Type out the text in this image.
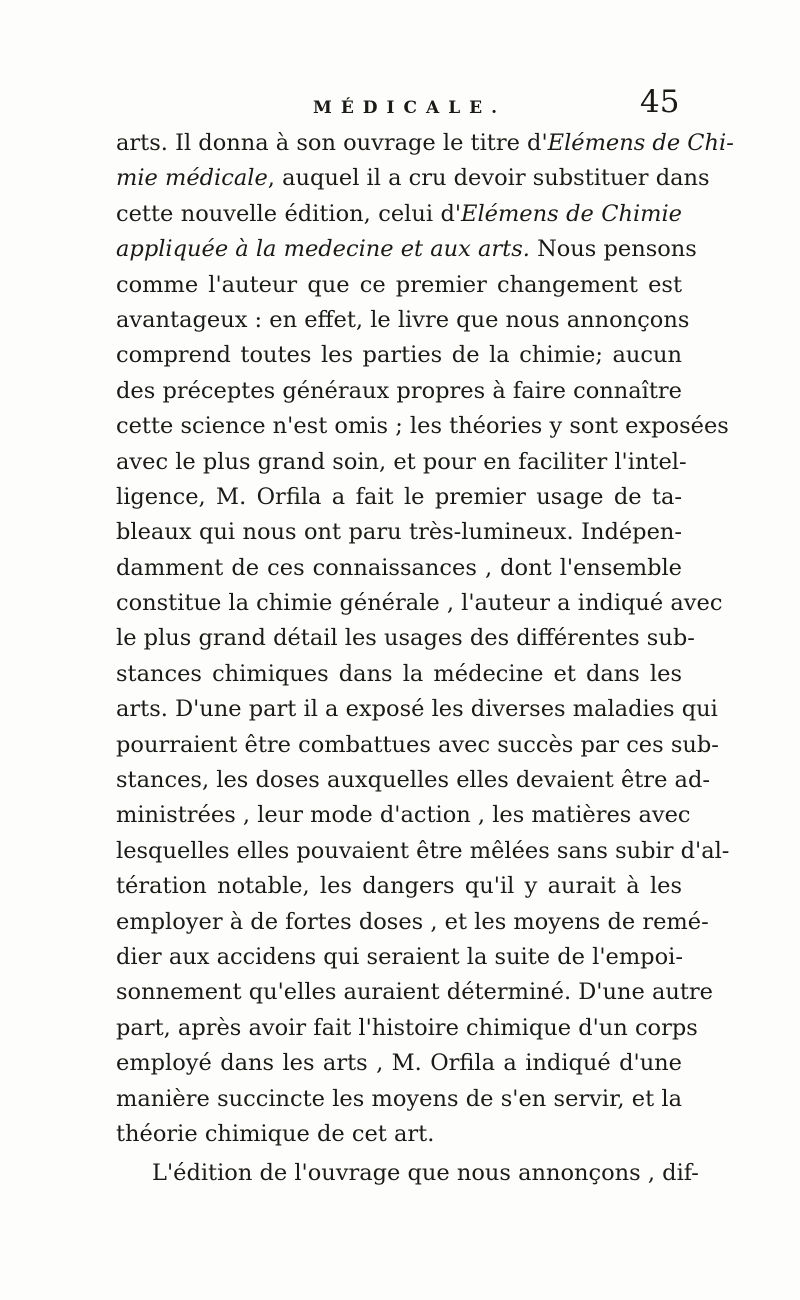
MÉDICALE.	45
arts. Il donna à son ouvrage le titre d'Elémens de Chi-
mie médicale, auquel il a cru devoir substituer dans
cette nouvelle édition, celui d'Elémens de Chimie
appliquée à la medecine et aux arts. Nous pensons
comme l'auteur que ce premier changement est
avantageux : en effet, le livre que nous annonçons
comprend toutes les parties de la chimie; aucun
des préceptes généraux propres à faire connaître
cette science n'est omis ; les théories y sont exposées
avec le plus grand soin, et pour en faciliter l'intel-
ligence, M. Orfila a fait le premier usage de ta-
bleaux qui nous ont paru très-lumineux. Indépen-
damment de ces connaissances , dont l'ensemble
constitue la chimie générale , l'auteur a indiqué avec
le plus grand détail les usages des différentes sub-
stances chimiques dans la médecine et dans les
arts. D'une part il a exposé les diverses maladies qui
pourraient être combattues avec succès par ces sub-
stances, les doses auxquelles elles devaient être ad-
ministrées , leur mode d'action , les matières avec
lesquelles elles pouvaient être mêlées sans subir d'al-
tération notable, les dangers qu'il y aurait à les
employer à de fortes doses , et les moyens de remé-
dier aux accidens qui seraient la suite de l'empoi-
sonnement qu'elles auraient déterminé. D'une autre
part, après avoir fait l'histoire chimique d'un corps
employé dans les arts , M. Orfila a indiqué d'une
manière succincte les moyens de s'en servir, et la
théorie chimique de cet art.
L'édition de l'ouvrage que nous annonçons , dif-
